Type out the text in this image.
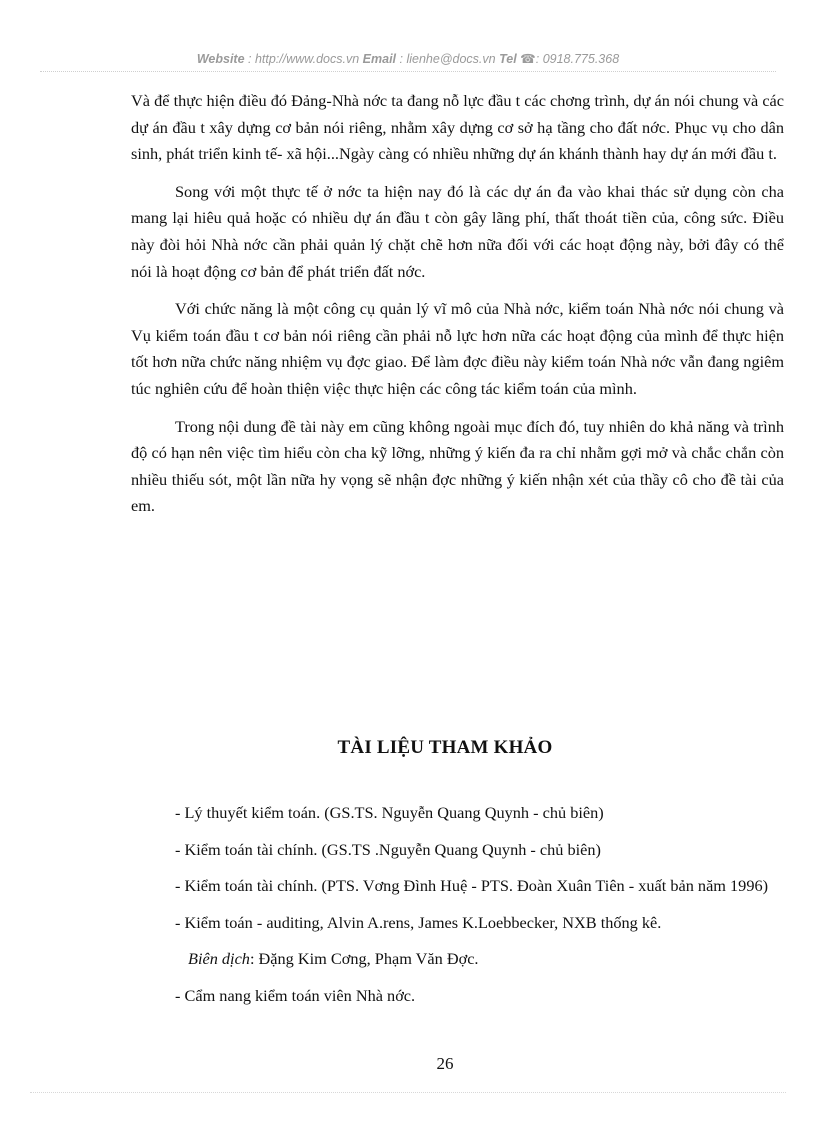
Website : http://www.docs.vn Email : lienhe@docs.vn Tel ☎: 0918.775.368

Và để thực hiện điều đó Đảng-Nhà nớc ta đang nỗ lực đầu t các chơng trình, dự án nói chung và các dự án đầu t xây dựng cơ bản nói riêng, nhằm xây dựng cơ sở hạ tầng cho đất nớc. Phục vụ cho dân sinh, phát triển kinh tế- xã hội...Ngày càng có nhiều những dự án khánh thành hay dự án mới đầu t.

Song với một thực tế ở nớc ta hiện nay đó là các dự án đa vào khai thác sử dụng còn cha mang lại hiêu quả hoặc có nhiều dự án đầu t còn gây lãng phí, thất thoát tiền của, công sức. Điều này đòi hỏi Nhà nớc cần phải quản lý chặt chẽ hơn nữa đối với các hoạt động này, bởi đây có thể nói là hoạt động cơ bản để phát triển đất nớc.

Với chức năng là một công cụ quản lý vĩ mô của Nhà nớc, kiểm toán Nhà nớc nói chung và Vụ kiểm toán đầu t cơ bản nói riêng cần phải nỗ lực hơn nữa các hoạt động của mình để thực hiện tốt hơn nữa chức năng nhiệm vụ đợc giao. Để làm đợc điều này kiểm toán Nhà nớc vẫn đang ngiêm túc nghiên cứu để hoàn thiện việc thực hiện các công tác kiểm toán của mình.

Trong nội dung đề tài này em cũng không ngoài mục đích đó, tuy nhiên do khả năng và trình độ có hạn nên việc tìm hiểu còn cha kỹ lỡng, những ý kiến đa ra chỉ nhằm gợi mở và chắc chắn còn nhiều thiếu sót, một lần nữa hy vọng sẽ nhận đợc những ý kiến nhận xét của thầy cô cho đề tài của em.

TÀI LIỆU THAM KHẢO
- Lý thuyết kiểm toán. (GS.TS. Nguyễn Quang Quynh - chủ biên)
- Kiểm toán tài chính. (GS.TS .Nguyễn Quang Quynh - chủ biên)
- Kiểm toán tài chính. (PTS. Vơng Đình Huệ - PTS. Đoàn Xuân Tiên - xuất bản năm 1996)
- Kiểm toán - auditing, Alvin A.rens, James K.Loebbecker, NXB thống kê.
Biên dịch: Đặng Kim Cơng, Phạm Văn Đợc.
- Cẩm nang kiểm toán viên Nhà nớc.
26
